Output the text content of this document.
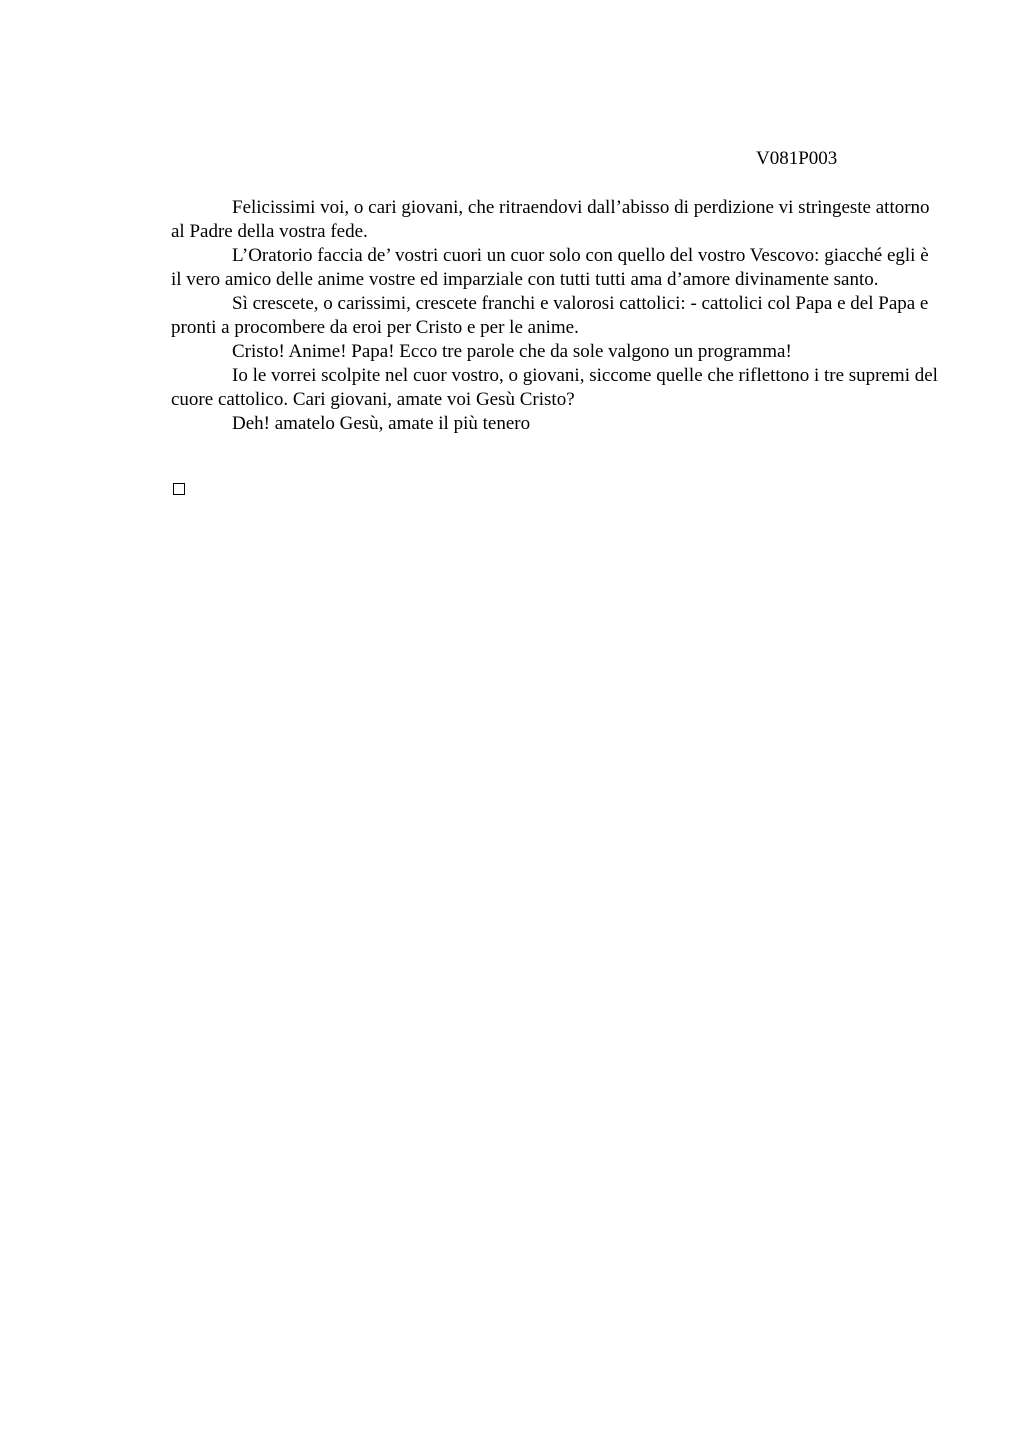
V081P003

Felicissimi voi, o cari giovani, che ritraendovi dall’abisso di perdizione vi stringeste attorno al Padre della vostra fede.

L’Oratorio faccia de’ vostri cuori un cuor solo con quello del vostro Vescovo: giacché egli è il vero amico delle anime vostre ed imparziale con tutti tutti ama d’amore divinamente santo.

Sì crescete, o carissimi, crescete franchi e valorosi cattolici: - cattolici col Papa e del Papa e pronti a procombere da eroi per Cristo e per le anime.

Cristo! Anime! Papa! Ecco tre parole che da sole valgono un programma!

Io le vorrei scolpite nel cuor vostro, o giovani, siccome quelle che riflettono i tre supremi del cuore cattolico. Cari giovani, amate voi Gesù Cristo?

Deh! amatelo Gesù, amate il più tenero
